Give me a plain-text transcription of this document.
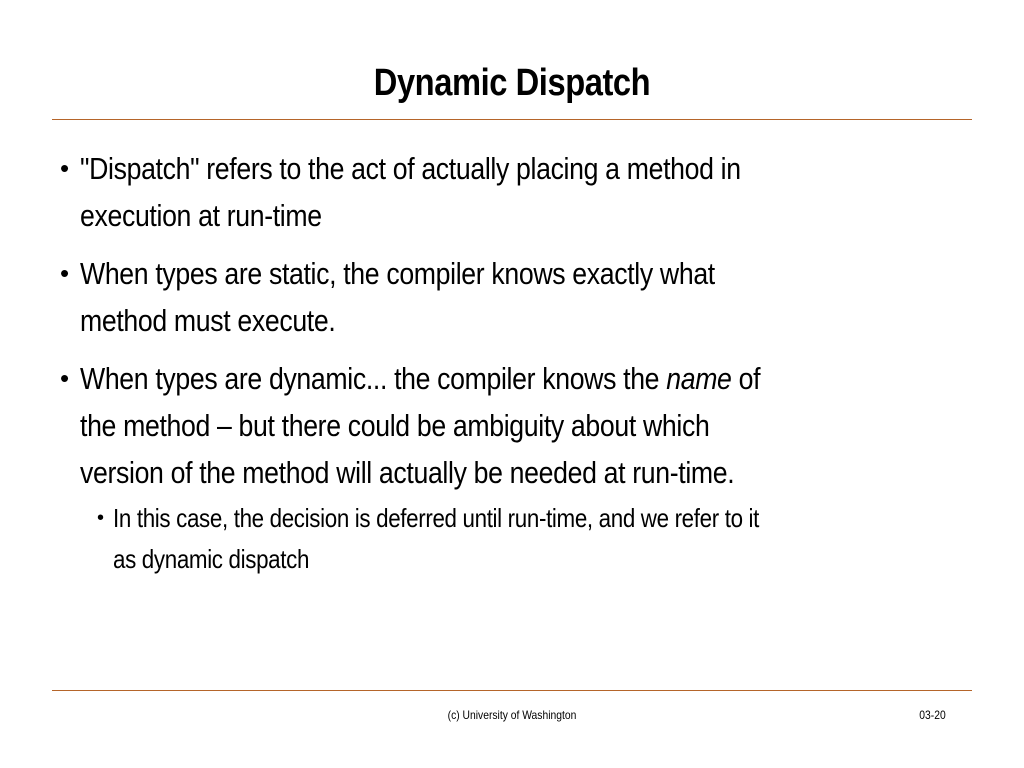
Dynamic Dispatch
• "Dispatch" refers to the act of actually placing a method in
execution at run-time
• When types are static, the compiler knows exactly what
method must execute.
• When types are dynamic... the compiler knows the name of
the method – but there could be ambiguity about which
version of the method will actually be needed at run-time.
• In this case, the decision is deferred until run-time, and we refer to it
as dynamic dispatch
(c) University of Washington	03-20
